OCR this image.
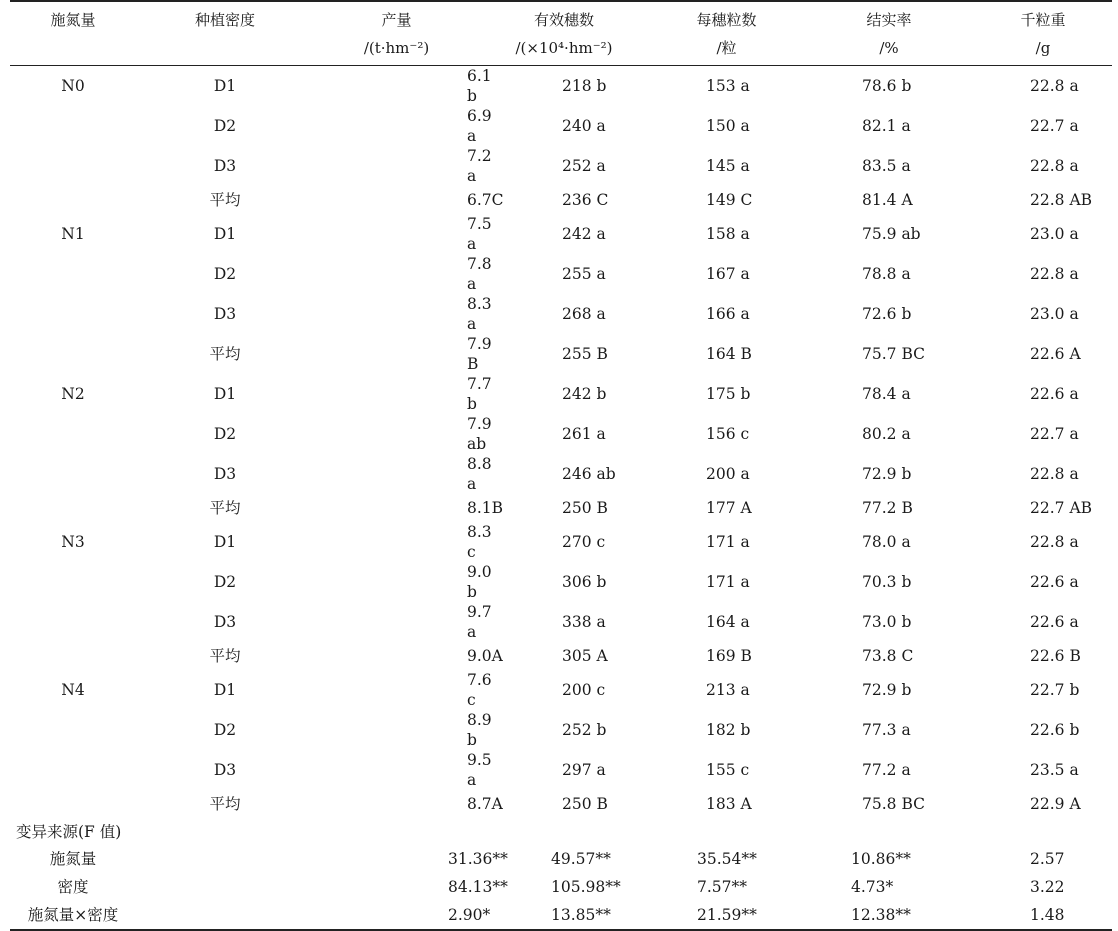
施氮量	种植密度	产量	有效穗数	每穗粒数	结实率	千粒重
		/(t·hm⁻²)	/(×10⁴·hm⁻²)	/粒	/%	/g
N0	D1	6.1 b	218 b	153 a	78.6 b	22.8 a
	D2	6.9 a	240 a	150 a	82.1 a	22.7 a
	D3	7.2 a	252 a	145 a	83.5 a	22.8 a
	平均	6.7C	236 C	149 C	81.4 A	22.8 AB
N1	D1	7.5 a	242 a	158 a	75.9 ab	23.0 a
	D2	7.8 a	255 a	167 a	78.8 a	22.8 a
	D3	8.3 a	268 a	166 a	72.6 b	23.0 a
	平均	7.9 B	255 B	164 B	75.7 BC	22.6 A
N2	D1	7.7 b	242 b	175 b	78.4 a	22.6 a
	D2	7.9 ab	261 a	156 c	80.2 a	22.7 a
	D3	8.8 a	246 ab	200 a	72.9 b	22.8 a
	平均	8.1B	250 B	177 A	77.2 B	22.7 AB
N3	D1	8.3 c	270 c	171 a	78.0 a	22.8 a
	D2	9.0 b	306 b	171 a	70.3 b	22.6 a
	D3	9.7 a	338 a	164 a	73.0 b	22.6 a
	平均	9.0A	305 A	169 B	73.8 C	22.6 B
N4	D1	7.6 c	200 c	213 a	72.9 b	22.7 b
	D2	8.9 b	252 b	182 b	77.3 a	22.6 b
	D3	9.5 a	297 a	155 c	77.2 a	23.5 a
	平均	8.7A	250 B	183 A	75.8 BC	22.9 A
变异来源(F 值)						
施氮量		31.36**	49.57**	35.54**	10.86**	2.57
密度		84.13**	105.98**	7.57**	4.73*	3.22
施氮量×密度		2.90*	13.85**	21.59**	12.38**	1.48
